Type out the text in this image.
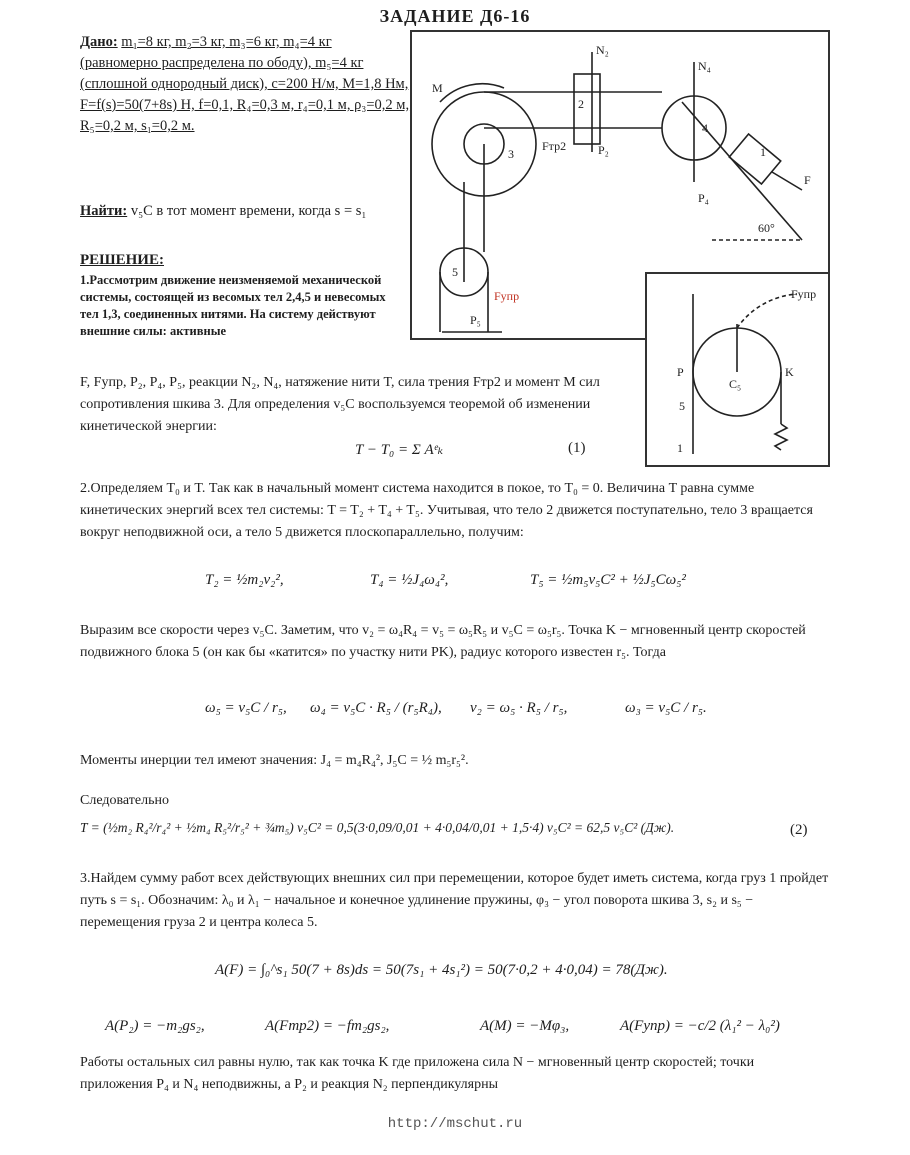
ЗАДАНИЕ Д6-16
Дано: m₁=8 кг, m₂=3 кг, m₃=6 кг, m₄=4 кг (равномерно распределена по ободу), m₅=4 кг (сплошной однородный диск), c=200 Н/м, M=1,8 Нм, F=f(s)=50(7+8s) Н, f=0,1, R₄=0,3 м, r₄=0,1 м, ρ₃=0,2 м, R₅=0,2 м, s₁=0,2 м.
Найти: v₅С в тот момент времени, когда s = s₁
РЕШЕНИЕ:
1.Рассмотрим движение неизменяемой механической системы, состоящей из весомых тел 2,4,5 и невесомых тел 1,3, соединенных нитями. На систему действуют внешние силы: активные
F, Fупр, P₂, P₄, P₅, реакции N₂, N₄, натяжение нити T, сила трения Fтр2 и момент M сил сопротивления шкива 3. Для определения v₅С воспользуемся теоремой об изменении кинетической энергии:
T − T₀ = Σ Aᵉₖ	(1)
2.Определяем T₀ и T. Так как в начальный момент система находится в покое, то T₀ = 0. Величина T равна сумме кинетических энергий всех тел системы: T = T₂ + T₄ + T₅. Учитывая, что тело 2 движется поступательно, тело 3 вращается вокруг неподвижной оси, а тело 5 движется плоскопараллельно, получим:
T₂ = ½m₂v₂²,	T₄ = ½J₄ω₄²,	T₅ = ½m₅v₅С² + ½J₅Сω₅²
Выразим все скорости через v₅С. Заметим, что v₂ = ω₄R₄ = v₅ = ω₅R₅ и v₅С = ω₅r₅. Точка K − мгновенный центр скоростей подвижного блока 5 (он как бы «катится» по участку нити PK), радиус которого известен r₅. Тогда
ω₅ = v₅С / r₅, ω₄ = v₅С · R₅ / (r₅R₄), v₂ = ω₅ · R₅ / r₅,	ω₃ = v₅С / r₅.
Моменты инерции тел имеют значения: J₄ = m₄R₄², J₅С = ½ m₅r₅².
Следовательно
T = (½m₂ R₄²/r₄² + ½m₄ R₅²/r₅² + ¾m₅) v₅С² = 0,5(3·0,09/0,01 + 4·0,04/0,01 + 1,5·4) v₅С² = 62,5 v₅С² (Дж).	(2)
3.Найдем сумму работ всех действующих внешних сил при перемещении, которое будет иметь система, когда груз 1 пройдет путь s = s₁. Обозначим: λ₀ и λ₁ − начальное и конечное удлинение пружины, φ₃ − угол поворота шкива 3, s₂ и s₅ − перемещения груза 2 и центра колеса 5.
A(F) = ∫₀^s₁ 50(7 + 8s)ds = 50(7s₁ + 4s₁²) = 50(7·0,2 + 4·0,04) = 78(Дж).
A(P₂) = −m₂gs₂,	A(Fтр2) = −fm₂gs₂,	A(M) = −Mφ₃,	A(Fупр) = −c/2 (λ₁² − λ₀²)
Работы остальных сил равны нулю, так как точка K где приложена сила N − мгновенный центр скоростей; точки приложения P₄ и N₄ неподвижны, а P₂ и реакция N₂ перпендикулярны
M
3
2
N₂
Fтр2	P₂
N₄
4
1
F
P₄
60°
5
P₅
Fупр	Fупр
P	K
C₅
5
1
http://mschut.ru
